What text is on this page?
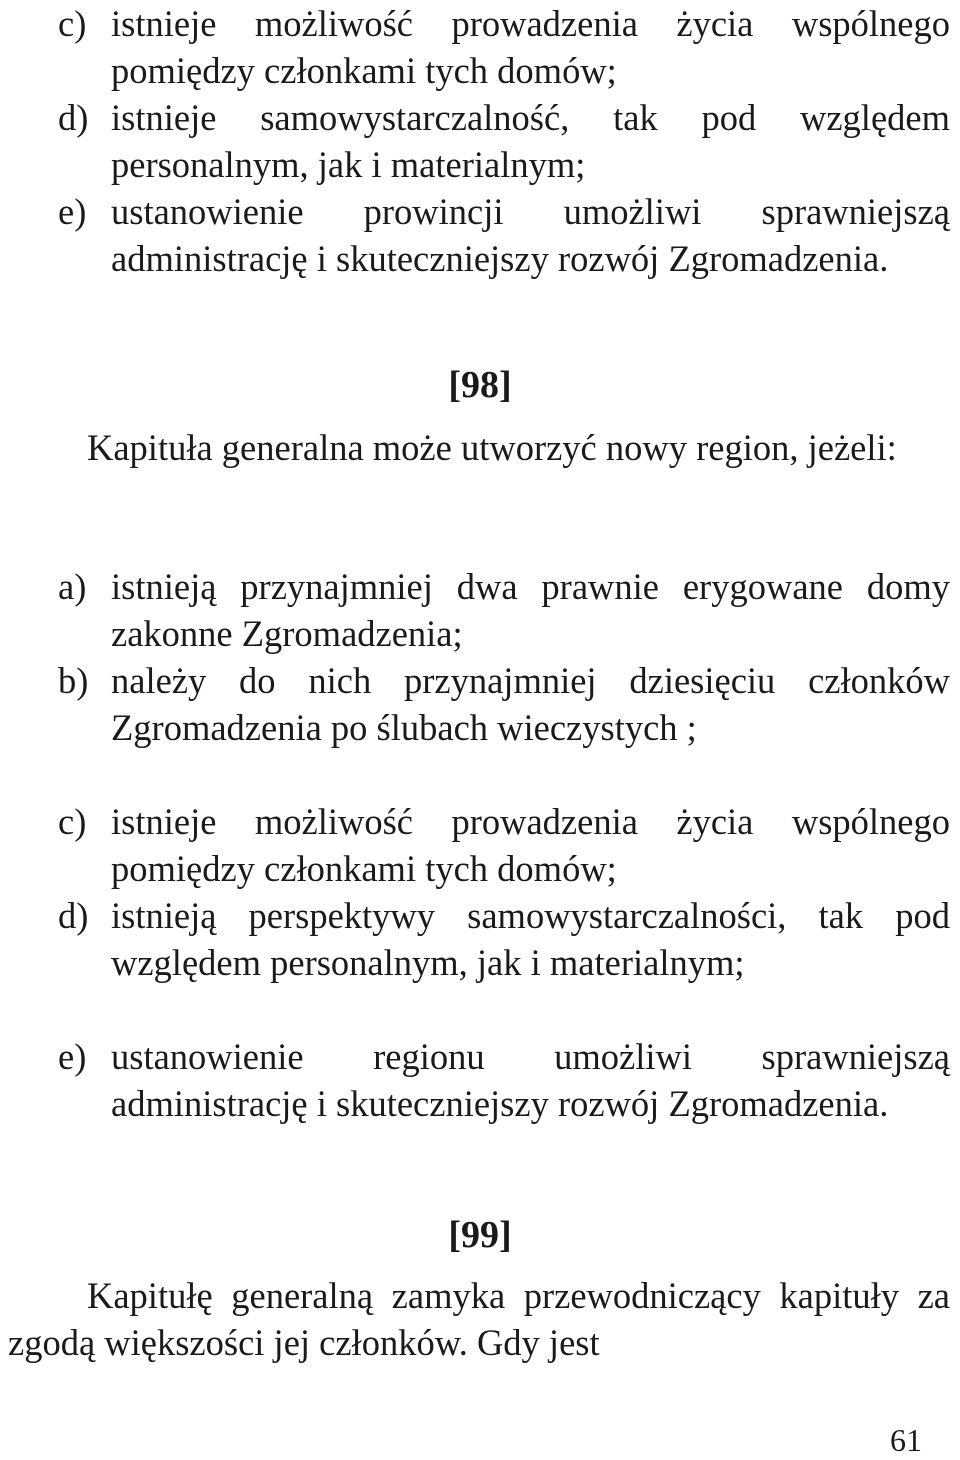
c) istnieje możliwość prowadzenia życia wspólnego pomiędzy członkami tych domów;
d) istnieje samowystarczalność, tak pod względem personalnym, jak i materialnym;
e) ustanowienie prowincji umożliwi sprawniejszą administrację i skuteczniejszy rozwój Zgromadzenia.
[98]
Kapituła generalna może utworzyć nowy region, jeżeli:
a) istnieją przynajmniej dwa prawnie erygowane domy zakonne Zgromadzenia;
b) należy do nich przynajmniej dziesięciu członków Zgromadzenia po ślubach wieczystych ;
c) istnieje możliwość prowadzenia życia wspólnego pomiędzy członkami tych domów;
d) istnieją perspektywy samowystarczalności, tak pod względem personalnym, jak i materialnym;
e) ustanowienie regionu umożliwi sprawniejszą administrację i skuteczniejszy rozwój Zgromadzenia.
[99]
Kapitułę generalną zamyka przewodniczący kapituły za zgodą większości jej członków. Gdy jest
61
